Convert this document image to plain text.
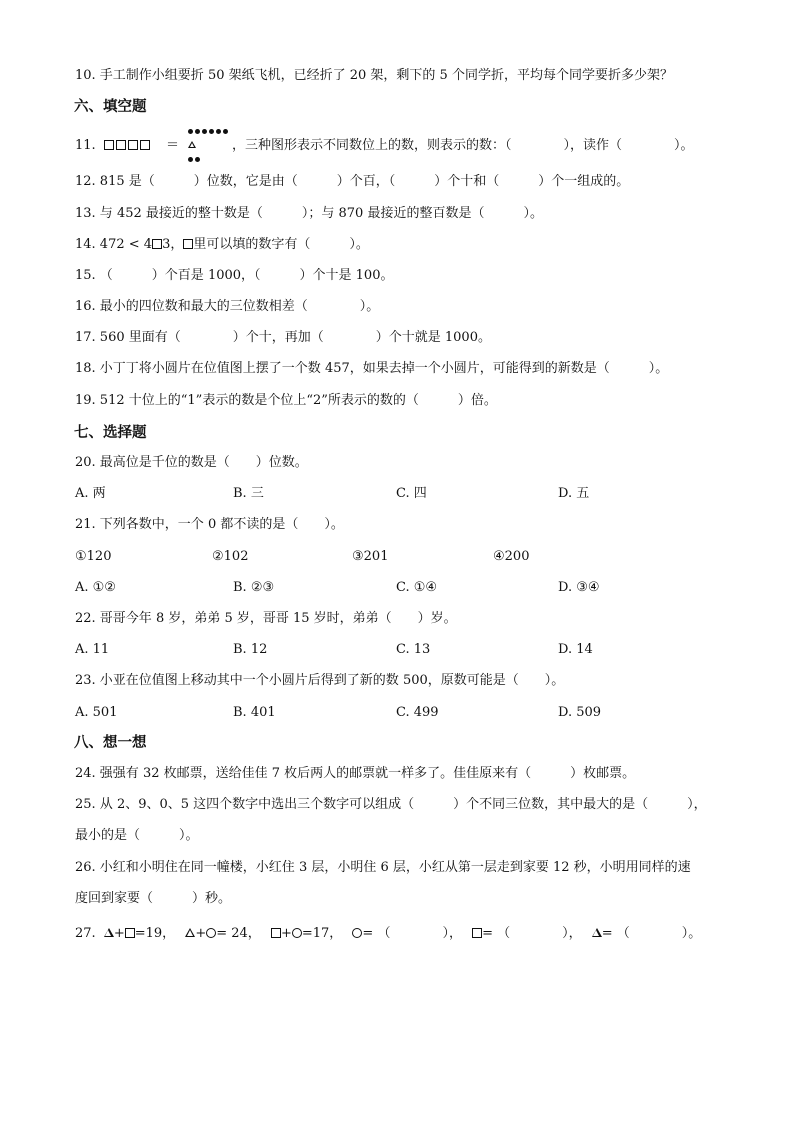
10. 手工制作小组要折 50 架纸飞机，已经折了 20 架，剩下的 5 个同学折，平均每个同学要折多少架？
六、填空题
11.	＝	，三种图形表示不同数位上的数，则表示的数：（　　　　），读作（　　　　）。
12. 815 是（　　　）位数，它是由（　　　）个百，（　　　）个十和（　　　）个一组成的。
13. 与 452 最接近的整十数是（　　　）；与 870 最接近的整百数是（　　　）。
14. 472 < 4 3， 里可以填的数字有（　　　）。
15. （　　　）个百是 1000，（　　　）个十是 100。
16. 最小的四位数和最大的三位数相差（　　　　）。
17. 560 里面有（　　　　）个十，再加（　　　　）个十就是 1000。
18. 小丁丁将小圆片在位值图上摆了一个数 457，如果去掉一个小圆片，可能得到的新数是（　　　）。
19. 512 十位上的“1”表示的数是个位上“2”所表示的数的（　　　）倍。
七、选择题
20. 最高位是千位的数是（　　）位数。
A. 两	B. 三	C. 四	D. 五
21. 下列各数中，一个 0 都不读的是（　　）。
①120	②102	③201	④200
A. ①②	B. ②③	C. ①④	D. ③④
22. 哥哥今年 8 岁，弟弟 5 岁，哥哥 15 岁时，弟弟（　　）岁。
A. 11	B. 12	C. 13	D. 14
23. 小亚在位值图上移动其中一个小圆片后得到了新的数 500，原数可能是（　　）。
A. 501	B. 401	C. 499	D. 509
八、想一想
24. 强强有 32 枚邮票，送给佳佳 7 枚后两人的邮票就一样多了。佳佳原来有（　　　）枚邮票。
25. 从 2、9、0、5 这四个数字中选出三个数字可以组成（　　　）个不同三位数，其中最大的是（　　　），
最小的是（　　　）。
26. 小红和小明住在同一幢楼，小红住 3 层，小明住 6 层，小红从第一层走到家要 12 秒，小明用同样的速
度回到家要（　　　）秒。
27. + =19， + = 24， + =17， = （　　　　）， = （　　　　）， = （　　　　）。
